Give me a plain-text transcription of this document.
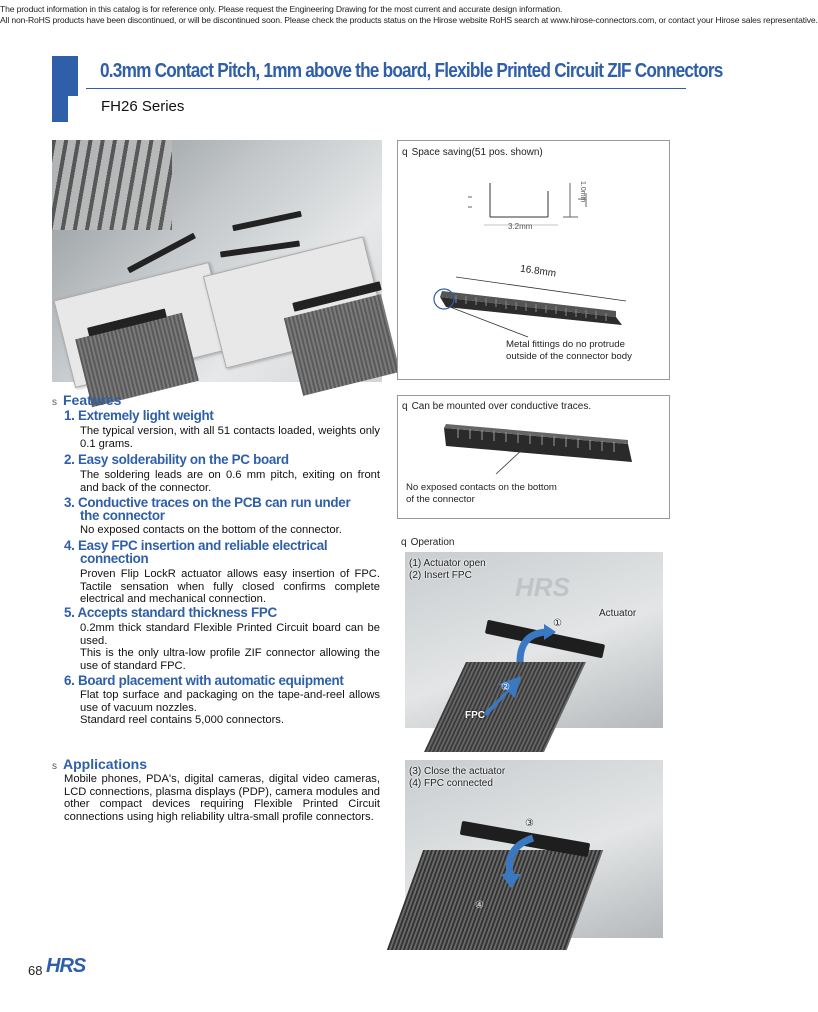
The product information in this catalog is for reference only. Please request the Engineering Drawing for the most current and accurate design information.
All non-RoHS products have been discontinued, or will be discontinued soon. Please check the products status on the Hirose website RoHS search at www.hirose-connectors.com, or contact your Hirose sales representative.
0.3mm Contact Pitch, 1mm above the board, Flexible Printed Circuit ZIF Connectors
FH26 Series
q Space saving(51 pos. shown)
3.2mm
1.0mm
16.8mm
Metal fittings do no protrude
outside of the connector body
q Can be mounted over conductive traces.
No exposed contacts on the bottom
of the connector
q Operation
HRS
(1) Actuator open
(2) Insert FPC
Actuator
①
②
FPC
(3) Close the actuator
(4) FPC connected
③
④
s Features
1. Extremely light weight
The typical version, with all 51 contacts loaded, weights only 0.1 grams.
2. Easy solderability on the PC board
The soldering leads are on 0.6 mm pitch, exiting on front and back of the connector.
3. Conductive traces on the PCB can run under
the connector
No exposed contacts on the bottom of the connector.
4. Easy FPC insertion and reliable electrical
connection
Proven Flip LockR actuator allows easy insertion of FPC. Tactile sensation when fully closed confirms complete electrical and mechanical connection.
5. Accepts standard thickness FPC
0.2mm thick standard Flexible Printed Circuit board can be used.
This is the only ultra-low profile ZIF connector allowing the use of standard FPC.
6. Board placement with automatic equipment
Flat top surface and packaging on the tape-and-reel allows use of vacuum nozzles.
Standard reel contains 5,000 connectors.
s Applications
Mobile phones, PDA's, digital cameras, digital video cameras, LCD connections, plasma displays (PDP), camera modules and other compact devices requiring Flexible Printed Circuit connections using high reliability ultra-small profile connectors.
68 HRS
